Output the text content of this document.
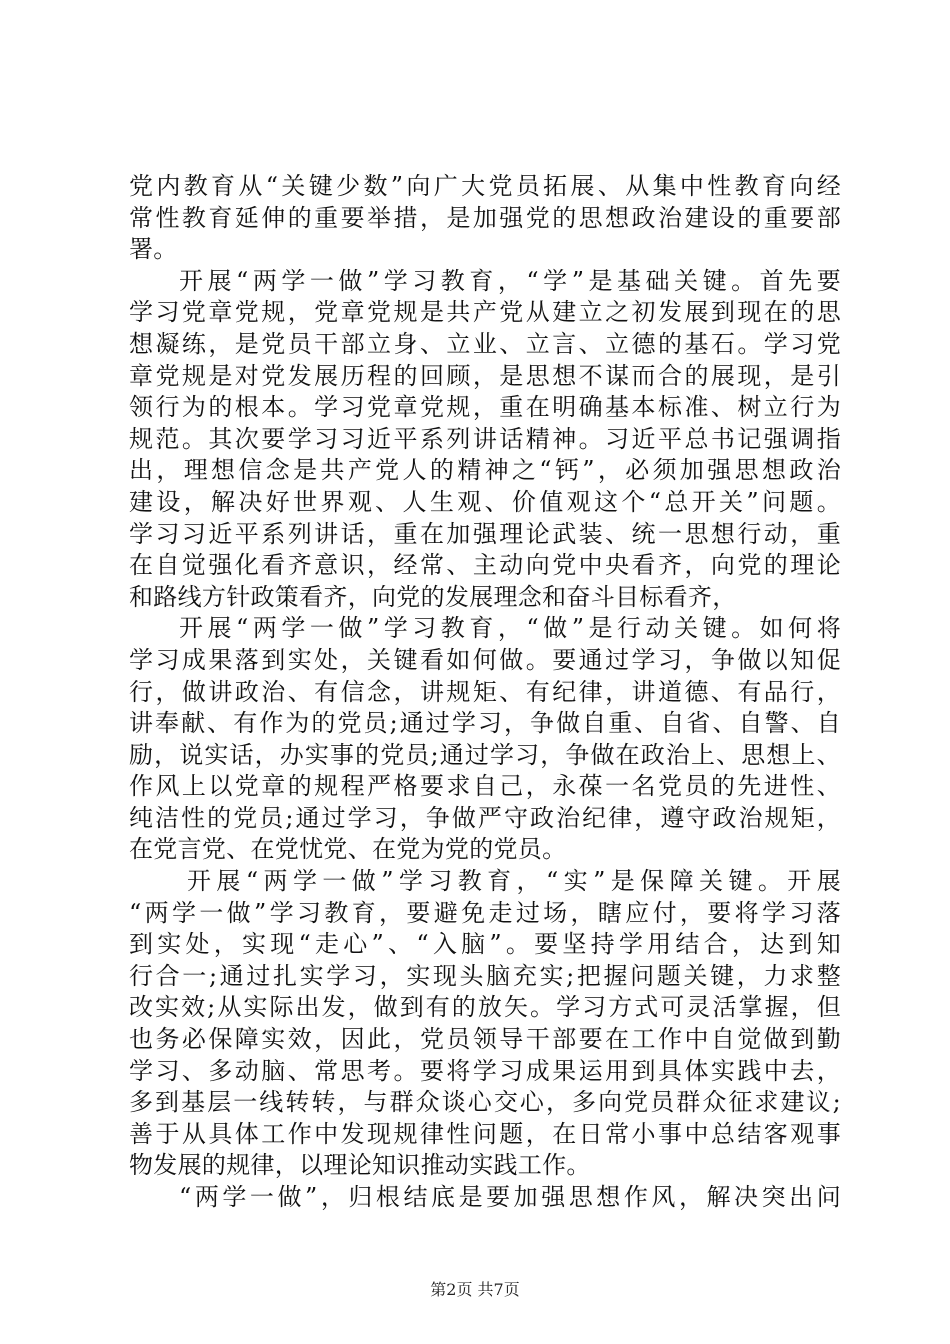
党内教育从“关键少数”向广大党员拓展、从集中性教育向经
常性教育延伸的重要举措，是加强党的思想政治建设的重要部
署。
开展“两学一做”学习教育，“学”是基础关键。首先要
学习党章党规，党章党规是共产党从建立之初发展到现在的思
想凝练，是党员干部立身、立业、立言、立德的基石。学习党
章党规是对党发展历程的回顾，是思想不谋而合的展现，是引
领行为的根本。学习党章党规，重在明确基本标准、树立行为
规范。其次要学习习近平系列讲话精神。习近平总书记强调指
出，理想信念是共产党人的精神之“钙”，必须加强思想政治
建设，解决好世界观、人生观、价值观这个“总开关”问题。
学习习近平系列讲话，重在加强理论武装、统一思想行动，重
在自觉强化看齐意识，经常、主动向党中央看齐，向党的理论
和路线方针政策看齐，向党的发展理念和奋斗目标看齐，
开展“两学一做”学习教育，“做”是行动关键。如何将
学习成果落到实处，关键看如何做。要通过学习，争做以知促
行，做讲政治、有信念，讲规矩、有纪律，讲道德、有品行，
讲奉献、有作为的党员;通过学习，争做自重、自省、自警、自
励，说实话，办实事的党员;通过学习，争做在政治上、思想上、
作风上以党章的规程严格要求自己，永葆一名党员的先进性、
纯洁性的党员;通过学习，争做严守政治纪律，遵守政治规矩，
在党言党、在党忧党、在党为党的党员。
开展“两学一做”学习教育，“实”是保障关键。开展
“两学一做”学习教育，要避免走过场，瞎应付，要将学习落
到实处，实现“走心”、“入脑”。要坚持学用结合，达到知
行合一;通过扎实学习，实现头脑充实;把握问题关键，力求整
改实效;从实际出发，做到有的放矢。学习方式可灵活掌握，但
也务必保障实效，因此，党员领导干部要在工作中自觉做到勤
学习、多动脑、常思考。要将学习成果运用到具体实践中去，
多到基层一线转转，与群众谈心交心，多向党员群众征求建议;
善于从具体工作中发现规律性问题，在日常小事中总结客观事
物发展的规律，以理论知识推动实践工作。
“两学一做”，归根结底是要加强思想作风，解决突出问
第2页 共7页
